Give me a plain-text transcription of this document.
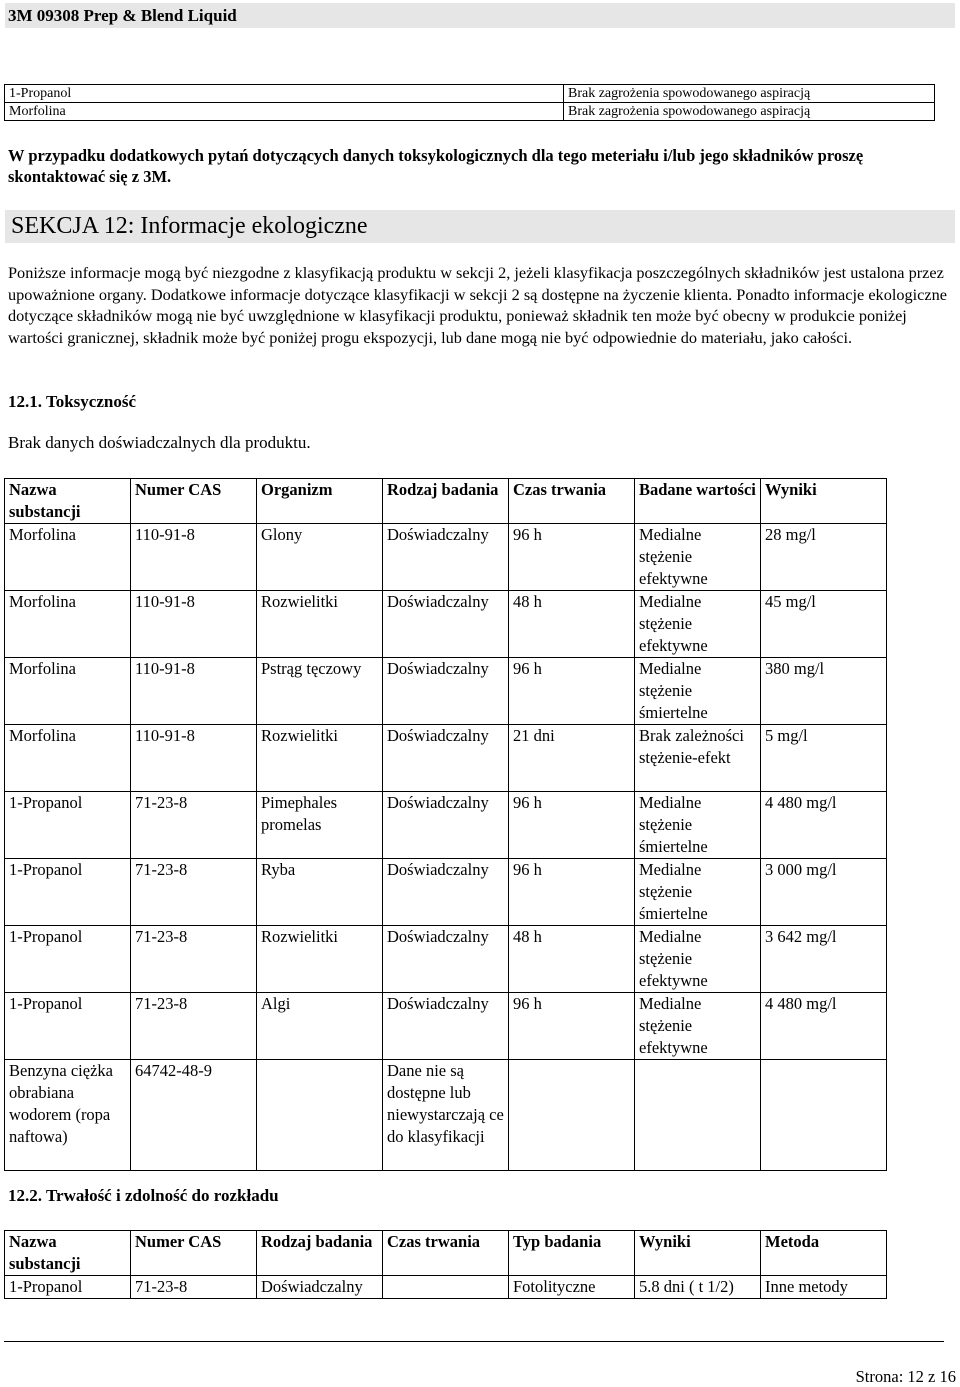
3M 09308 Prep & Blend Liquid
1-Propanol	Brak zagrożenia spowodowanego aspiracją
Morfolina	Brak zagrożenia spowodowanego aspiracją
W przypadku dodatkowych pytań dotyczących danych toksykologicznych dla tego meteriału i/lub jego składników proszę skontaktować się z 3M.
SEKCJA 12: Informacje ekologiczne
Poniższe informacje mogą być niezgodne z klasyfikacją produktu w sekcji 2, jeżeli klasyfikacja poszczególnych składników jest ustalona przez upoważnione organy. Dodatkowe informacje dotyczące klasyfikacji w sekcji 2 są dostępne na życzenie klienta. Ponadto informacje ekologiczne dotyczące składników mogą nie być uwzględnione w klasyfikacji produktu, ponieważ składnik ten może być obecny w produkcie poniżej wartości granicznej, składnik może być poniżej progu ekspozycji, lub dane mogą nie być odpowiednie do materiału, jako całości.
12.1. Toksyczność
Brak danych doświadczalnych dla produktu.
Nazwa substancji	Numer CAS	Organizm	Rodzaj badania	Czas trwania	Badane wartości	Wyniki
Morfolina	110-91-8	Glony	Doświadczalny	96 h	Medialne stężenie efektywne	28 mg/l
Morfolina	110-91-8	Rozwielitki	Doświadczalny	48 h	Medialne stężenie efektywne	45 mg/l
Morfolina	110-91-8	Pstrąg tęczowy	Doświadczalny	96 h	Medialne stężenie śmiertelne	380 mg/l
Morfolina	110-91-8	Rozwielitki	Doświadczalny	21 dni	Brak zależności stężenie-efekt	5 mg/l
1-Propanol	71-23-8	Pimephales promelas	Doświadczalny	96 h	Medialne stężenie śmiertelne	4 480 mg/l
1-Propanol	71-23-8	Ryba	Doświadczalny	96 h	Medialne stężenie śmiertelne	3 000 mg/l
1-Propanol	71-23-8	Rozwielitki	Doświadczalny	48 h	Medialne stężenie efektywne	3 642 mg/l
1-Propanol	71-23-8	Algi	Doświadczalny	96 h	Medialne stężenie efektywne	4 480 mg/l
Benzyna ciężka obrabiana wodorem (ropa naftowa)	64742-48-9		Dane nie są dostępne lub niewystarczają ce do klasyfikacji			
12.2. Trwałość i zdolność do rozkładu
Nazwa substancji	Numer CAS	Rodzaj badania	Czas trwania	Typ badania	Wyniki	Metoda
1-Propanol	71-23-8	Doświadczalny		Fotolityczne	5.8 dni ( t 1/2)	Inne metody
Strona: 12 z 16
